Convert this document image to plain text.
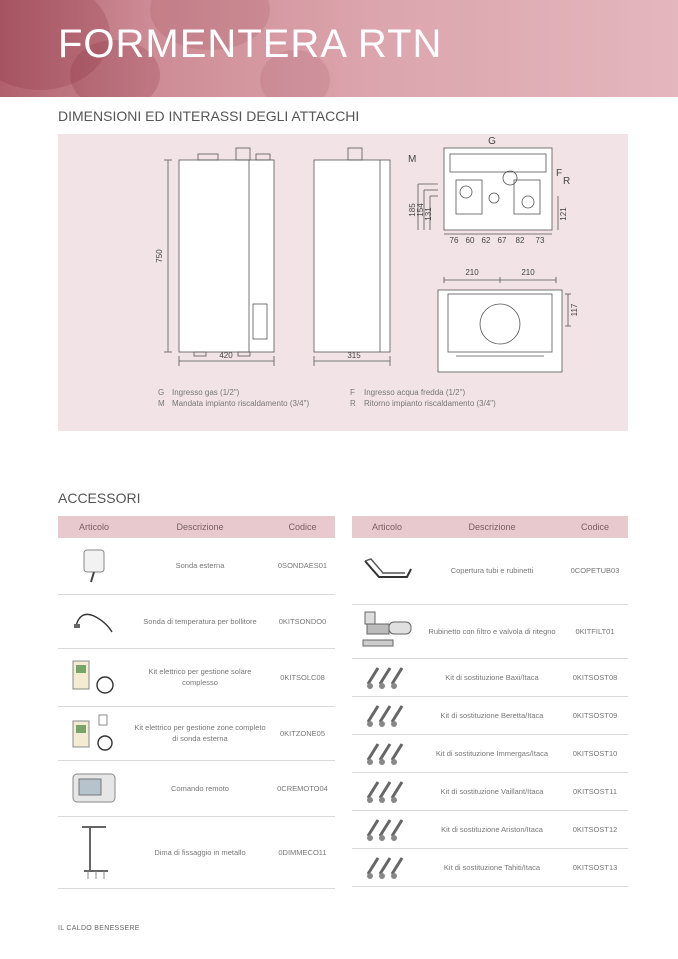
FORMENTERA RTN
DIMENSIONI ED INTERASSI DEGLI ATTACCHI
750
420	315
185 154 131	121
G
M
F
R
76 60 62 67 82 73
210	210
117
G Ingresso gas (1/2")
M Mandata impianto riscaldamento (3/4")
F Ingresso acqua fredda (1/2")
R Ritorno impianto riscaldamento (3/4")
ACCESSORI
Articolo	Descrizione	Codice

	Sonda esterna	0SONDAES01

	Sonda di temperatura per bollitore	0KITSONDO0

	Kit elettrico per gestione solare complesso	0KITSOLC08

	Kit elettrico per gestione zone completo di sonda esterna	0KITZONE05

	Comando remoto	0CREMOTO04

	Dima di fissaggio in metallo	0DIMMECO11
Articolo	Descrizione	Codice

	Copertura tubi e rubinetti	0COPETUB03

	Rubinetto con filtro e valvola di ritegno	0KITFILT01

	Kit di sostituzione Baxi/Itaca	0KITSOST08

	Kit di sostituzione Beretta/Itaca	0KITSOST09

	Kit di sostituzione Immergas/Itaca	0KITSOST10

	Kit di sostituzione Vaillant/Itaca	0KITSOST11

	Kit di sostituzione Ariston/Itaca	0KITSOST12

	Kit di sostituzione Tahiti/Itaca	0KITSOST13
IL CALDO BENESSERE
